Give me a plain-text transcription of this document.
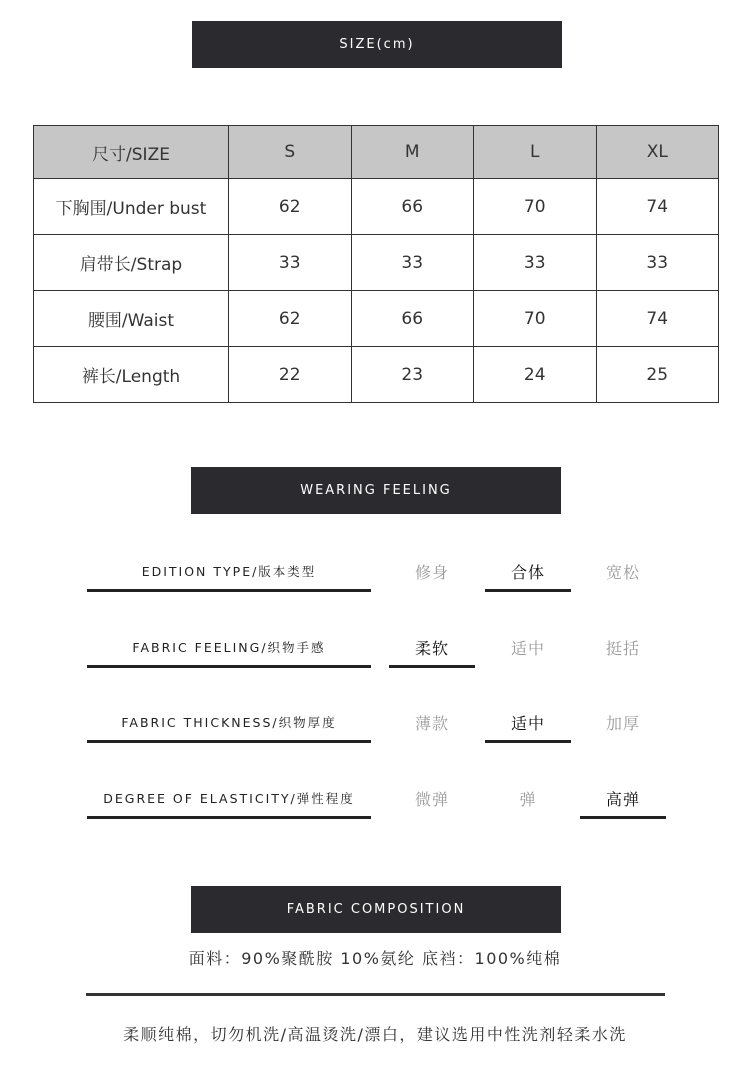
SIZE(cm)
尺寸/SIZE	S	M	L	XL
下胸围/Under bust	62	66	70	74
肩带长/Strap	33	33	33	33
腰围/Waist	62	66	70	74
裤长/Length	22	23	24	25
WEARING FEELING
EDITION TYPE/版本类型	修身	合体	宽松
FABRIC FEELING/织物手感	柔软	适中	挺括
FABRIC THICKNESS/织物厚度	薄款	适中	加厚
DEGREE OF ELASTICITY/弹性程度	微弹	弹	高弹
FABRIC COMPOSITION
面料：90%聚酰胺 10%氨纶 底裆：100%纯棉
柔顺纯棉，切勿机洗/高温烫洗/漂白，建议选用中性洗剂轻柔水洗
